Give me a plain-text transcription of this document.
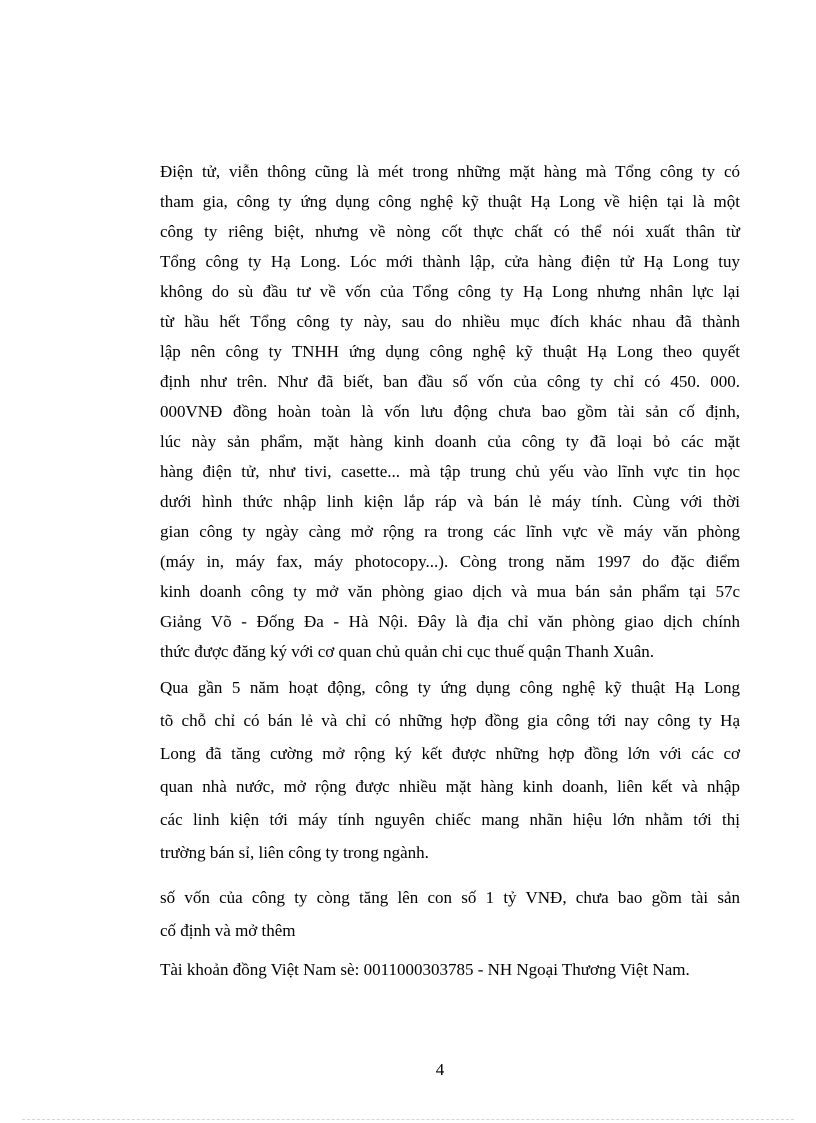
Điện tử, viễn thông cũng là mét trong những mặt hàng mà Tổng công ty có
tham gia, công ty ứng dụng công nghệ kỹ thuật Hạ Long về hiện tại là một
công ty riêng biệt, nhưng về nòng cốt thực chất có thể nói xuất thân từ
Tổng công ty Hạ Long. Lóc mới thành lập, cửa hàng điện tử Hạ Long tuy
không do sù đầu tư về vốn của Tổng công ty Hạ Long nhưng nhân lực lại
từ hầu hết Tổng công ty này, sau do nhiều mục đích khác nhau đã thành
lập nên công ty TNHH ứng dụng công nghệ kỹ thuật Hạ Long theo quyết
định như trên. Như đã biết, ban đầu số vốn của công ty chỉ có 450. 000.
000VNĐ đồng hoàn toàn là vốn lưu động chưa bao gồm tài sản cố định,
lúc này sản phẩm, mặt hàng kinh doanh của công ty đã loại bỏ các mặt
hàng điện tử, như tivi, casette... mà tập trung chủ yếu vào lĩnh vực tin học
dưới hình thức nhập linh kiện lắp ráp và bán lẻ máy tính. Cùng với thời
gian công ty ngày càng mở rộng ra trong các lĩnh vực về máy văn phòng
(máy in, máy fax, máy photocopy...). Còng trong năm 1997 do đặc điểm
kinh doanh công ty mở văn phòng giao dịch và mua bán sản phẩm tại 57c
Giảng Võ - Đống Đa - Hà Nội. Đây là địa chỉ văn phòng giao dịch chính
thức được đăng ký với cơ quan chủ quản chi cục thuế quận Thanh Xuân.
Qua gần 5 năm hoạt động, công ty ứng dụng công nghệ kỹ thuật Hạ Long
tõ chỗ chỉ có bán lẻ và chỉ có những hợp đồng gia công tới nay công ty Hạ
Long đã tăng cường mở rộng ký kết được những hợp đồng lớn với các cơ
quan nhà nước, mở rộng được nhiều mặt hàng kinh doanh, liên kết và nhập
các linh kiện tới máy tính nguyên chiếc mang nhãn hiệu lớn nhằm tới thị
trường bán sỉ, liên công ty trong ngành.
số vốn của công ty còng tăng lên con số 1 tỷ VNĐ, chưa bao gồm tài sản
cố định và mở thêm
Tài khoản đồng Việt Nam sè: 0011000303785 - NH Ngoại Thương Việt Nam.
4
